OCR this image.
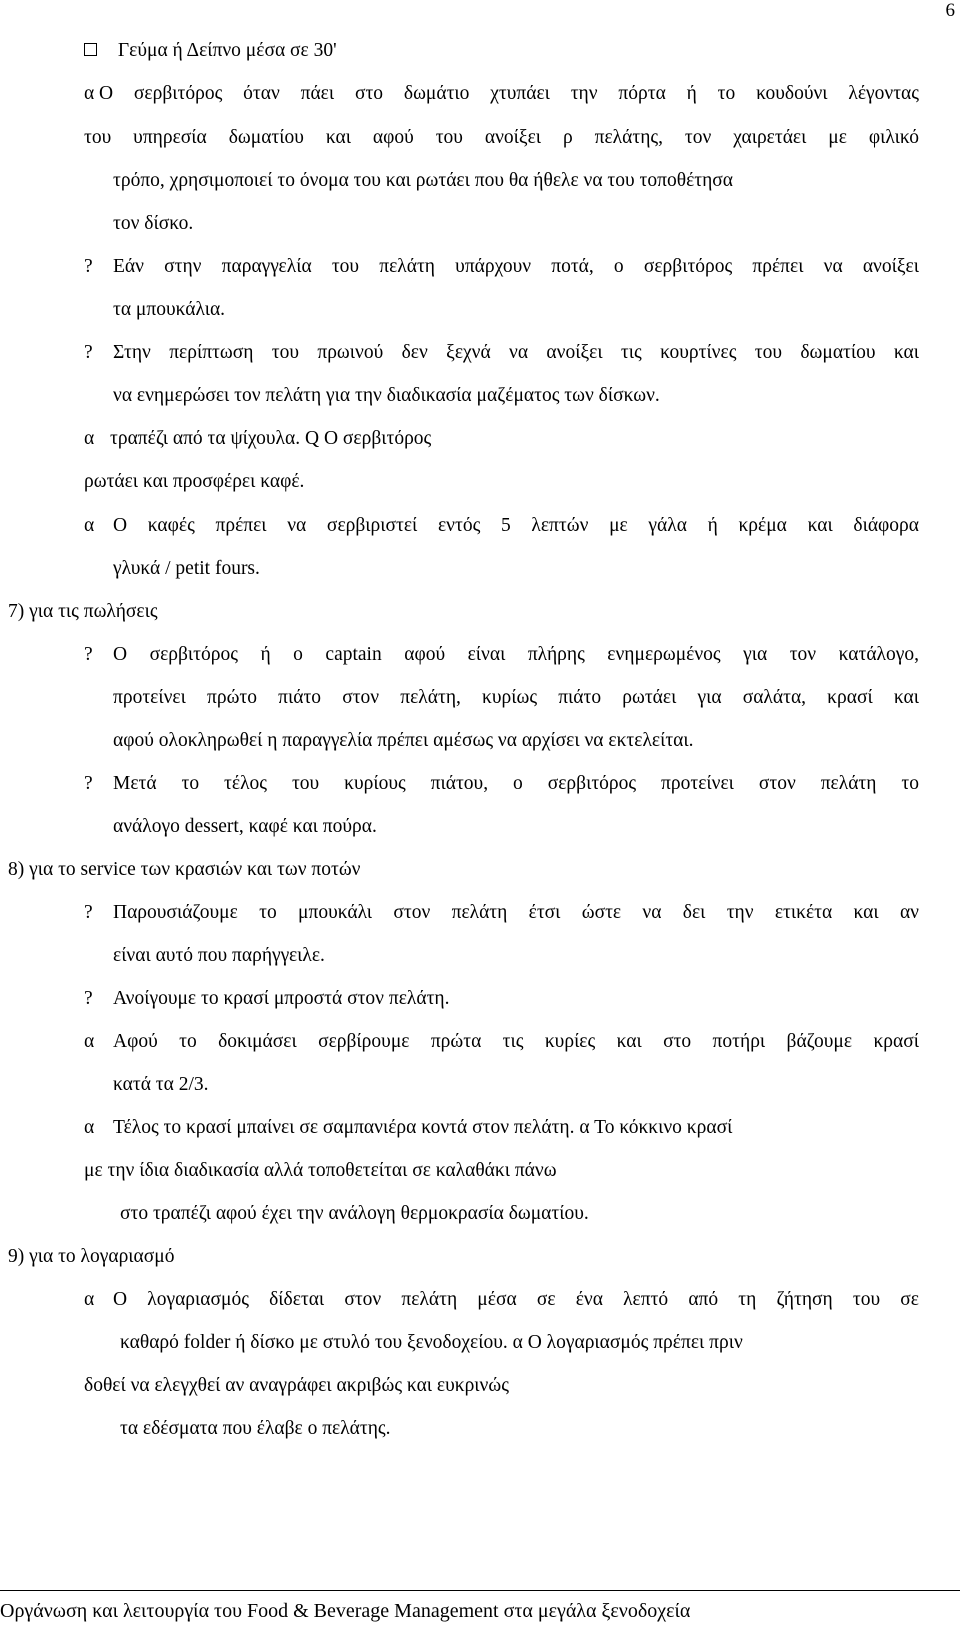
6
Γεύμα ή Δείπνο μέσα σε 30'
α Ο σερβιτόρος όταν πάει στο δωμάτιο χτυπάει την πόρτα ή το κουδούνι λέγοντας
του υπηρεσία δωματίου και αφού του ανοίξει ρ πελάτης, τον χαιρετάει με φιλικό
τρόπο, χρησιμοποιεί το όνομα του και ρωτάει που θα ήθελε να του τοποθέτησα
τον δίσκο.
? Εάν στην παραγγελία του πελάτη υπάρχουν ποτά, ο σερβιτόρος πρέπει να ανοίξει
τα μπουκάλια.
? Στην περίπτωση του πρωινού δεν ξεχνά να ανοίξει τις κουρτίνες του δωματίου και
να ενημερώσει τον πελάτη για την διαδικασία μαζέματος των δίσκων.
α τραπέζι από τα ψίχουλα. Q Ο σερβιτόρος
ρωτάει και προσφέρει καφέ.
α Ο καφές πρέπει να σερβιριστεί εντός 5 λεπτών με γάλα ή κρέμα και διάφορα
γλυκά / petit fours.
7) για τις πωλήσεις
? Ο σερβιτόρος ή ο captain αφού είναι πλήρης ενημερωμένος για τον κατάλογο,
προτείνει πρώτο πιάτο στον πελάτη, κυρίως πιάτο ρωτάει για σαλάτα, κρασί και
αφού ολοκληρωθεί η παραγγελία πρέπει αμέσως να αρχίσει να εκτελείται.
? Μετά το τέλος του κυρίους πιάτου, ο σερβιτόρος προτείνει στον πελάτη το
ανάλογο dessert, καφέ και πούρα.
8) για το service των κρασιών και των ποτών
? Παρουσιάζουμε το μπουκάλι στον πελάτη έτσι ώστε να δει την ετικέτα και αν
είναι αυτό που παρήγγειλε.
? Ανοίγουμε το κρασί μπροστά στον πελάτη.
α Αφού το δοκιμάσει σερβίρουμε πρώτα τις κυρίες και στο ποτήρι βάζουμε κρασί
κατά τα 2/3.
α Τέλος το κρασί μπαίνει σε σαμπανιέρα κοντά στον πελάτη. α Το κόκκινο κρασί
με την ίδια διαδικασία αλλά τοποθετείται σε καλαθάκι πάνω
στο τραπέζι αφού έχει την ανάλογη θερμοκρασία δωματίου.
9) για το λογαριασμό
α Ο λογαριασμός δίδεται στον πελάτη μέσα σε ένα λεπτό από τη ζήτηση του σε
καθαρό folder ή δίσκο με στυλό του ξενοδοχείου. α Ο λογαριασμός πρέπει πριν
δοθεί να ελεγχθεί αν αναγράφει ακριβώς και ευκρινώς
τα εδέσματα που έλαβε ο πελάτης.
Οργάνωση και λειτουργία του Food & Beverage Management στα μεγάλα ξενοδοχεία
